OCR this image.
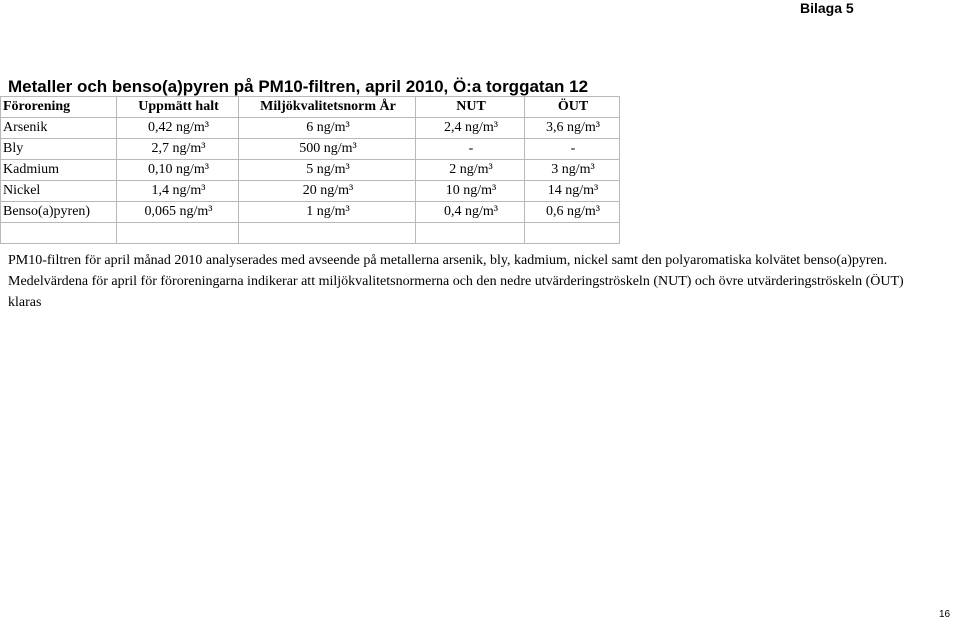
Bilaga 5
Metaller och benso(a)pyren på PM10-filtren, april 2010, Ö:a torggatan 12
Förorening	Uppmätt halt	Miljökvalitetsnorm År	NUT	ÖUT
Arsenik	0,42 ng/m³	6 ng/m³	2,4 ng/m³	3,6 ng/m³
Bly	2,7 ng/m³	500 ng/m³	-	-
Kadmium	0,10 ng/m³	5 ng/m³	2 ng/m³	3 ng/m³
Nickel	1,4 ng/m³	20 ng/m³	10 ng/m³	14 ng/m³
Benso(a)pyren)	0,065 ng/m³	1 ng/m³	0,4 ng/m³	0,6 ng/m³

PM10-filtren för april månad 2010 analyserades med avseende på metallerna arsenik, bly, kadmium, nickel samt den polyaromatiska kolvätet benso(a)pyren.
Medelvärdena för april för föroreningarna indikerar att miljökvalitetsnormerna och den nedre utvärderingströskeln (NUT) och övre utvärderingströskeln (ÖUT)
klaras
16
